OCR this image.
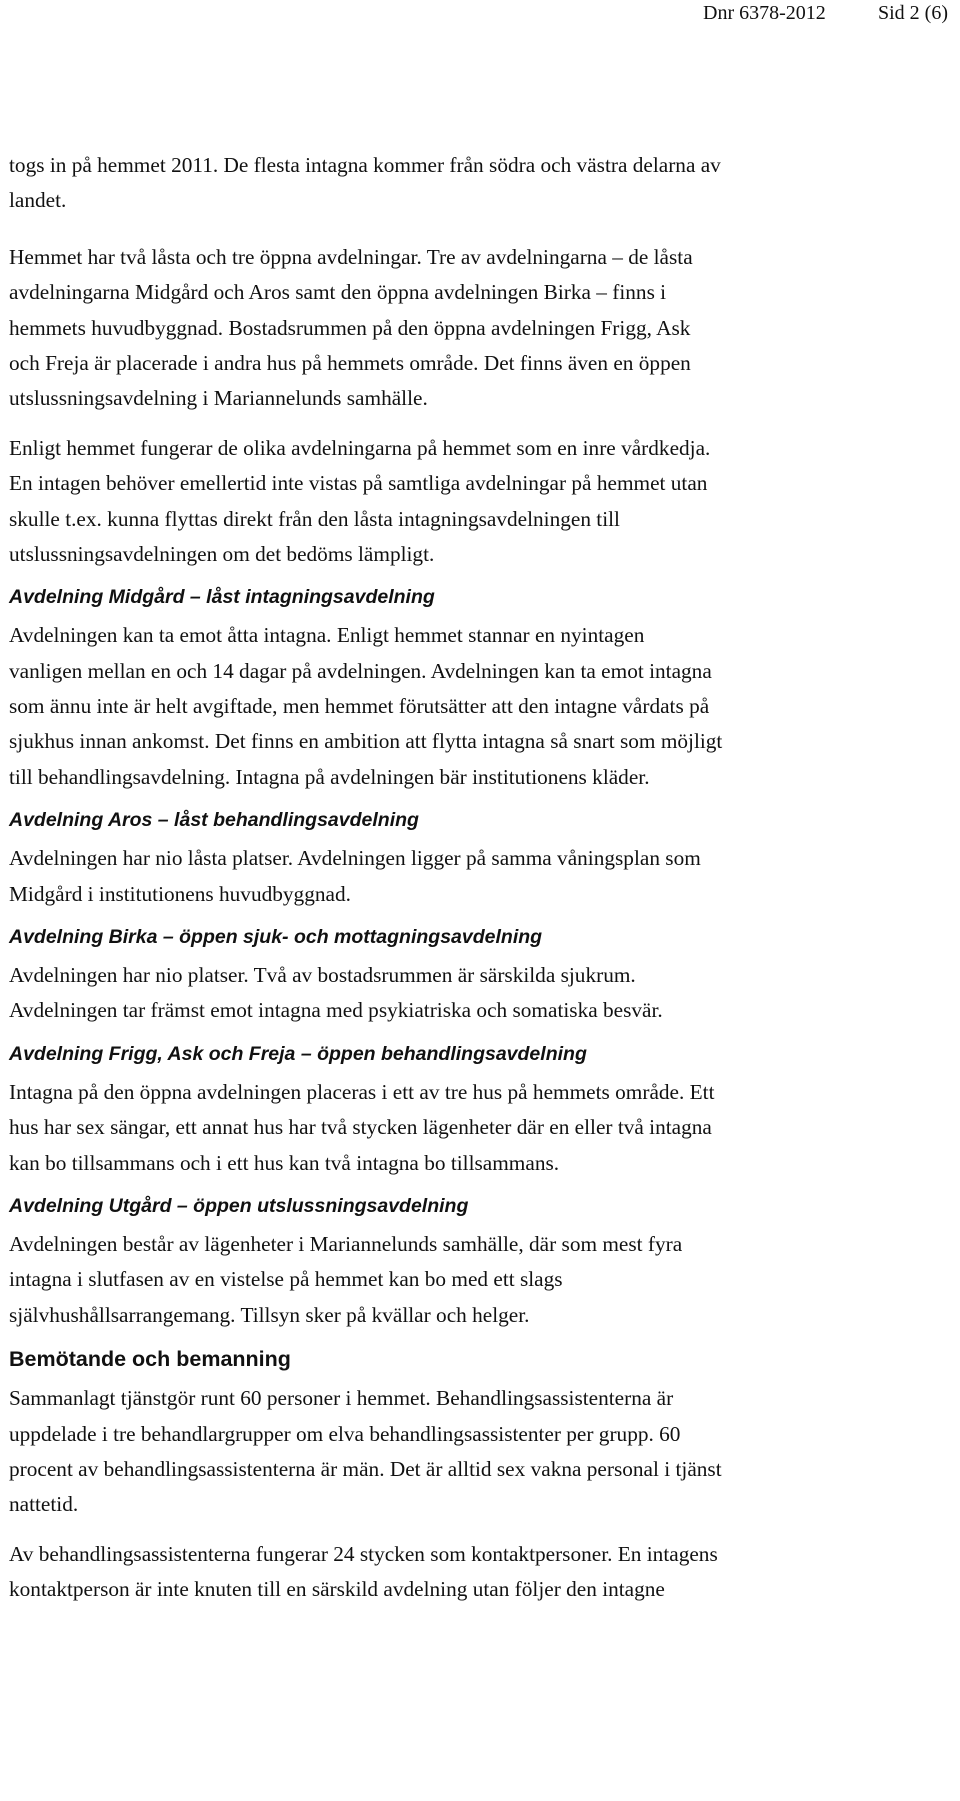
Dnr 6378-2012	Sid 2 (6)

togs in på hemmet 2011. De flesta intagna kommer från södra och västra delarna av
landet.

Hemmet har två låsta och tre öppna avdelningar. Tre av avdelningarna – de låsta
avdelningarna Midgård och Aros samt den öppna avdelningen Birka – finns i
hemmets huvudbyggnad. Bostadsrummen på den öppna avdelningen Frigg, Ask
och Freja är placerade i andra hus på hemmets område. Det finns även en öppen
utslussningsavdelning i Mariannelunds samhälle.

Enligt hemmet fungerar de olika avdelningarna på hemmet som en inre vårdkedja.
En intagen behöver emellertid inte vistas på samtliga avdelningar på hemmet utan
skulle t.ex. kunna flyttas direkt från den låsta intagningsavdelningen till
utslussningsavdelningen om det bedöms lämpligt.

Avdelning Midgård – låst intagningsavdelning

Avdelningen kan ta emot åtta intagna. Enligt hemmet stannar en nyintagen
vanligen mellan en och 14 dagar på avdelningen. Avdelningen kan ta emot intagna
som ännu inte är helt avgiftade, men hemmet förutsätter att den intagne vårdats på
sjukhus innan ankomst. Det finns en ambition att flytta intagna så snart som möjligt
till behandlingsavdelning. Intagna på avdelningen bär institutionens kläder.

Avdelning Aros – låst behandlingsavdelning

Avdelningen har nio låsta platser. Avdelningen ligger på samma våningsplan som
Midgård i institutionens huvudbyggnad.

Avdelning Birka – öppen sjuk- och mottagningsavdelning

Avdelningen har nio platser. Två av bostadsrummen är särskilda sjukrum.
Avdelningen tar främst emot intagna med psykiatriska och somatiska besvär.

Avdelning Frigg, Ask och Freja – öppen behandlingsavdelning

Intagna på den öppna avdelningen placeras i ett av tre hus på hemmets område. Ett
hus har sex sängar, ett annat hus har två stycken lägenheter där en eller två intagna
kan bo tillsammans och i ett hus kan två intagna bo tillsammans.

Avdelning Utgård – öppen utslussningsavdelning

Avdelningen består av lägenheter i Mariannelunds samhälle, där som mest fyra
intagna i slutfasen av en vistelse på hemmet kan bo med ett slags
självhushållsarrangemang. Tillsyn sker på kvällar och helger.

Bemötande och bemanning

Sammanlagt tjänstgör runt 60 personer i hemmet. Behandlingsassistenterna är
uppdelade i tre behandlargrupper om elva behandlingsassistenter per grupp. 60
procent av behandlingsassistenterna är män. Det är alltid sex vakna personal i tjänst
nattetid.

Av behandlingsassistenterna fungerar 24 stycken som kontaktpersoner. En intagens
kontaktperson är inte knuten till en särskild avdelning utan följer den intagne
